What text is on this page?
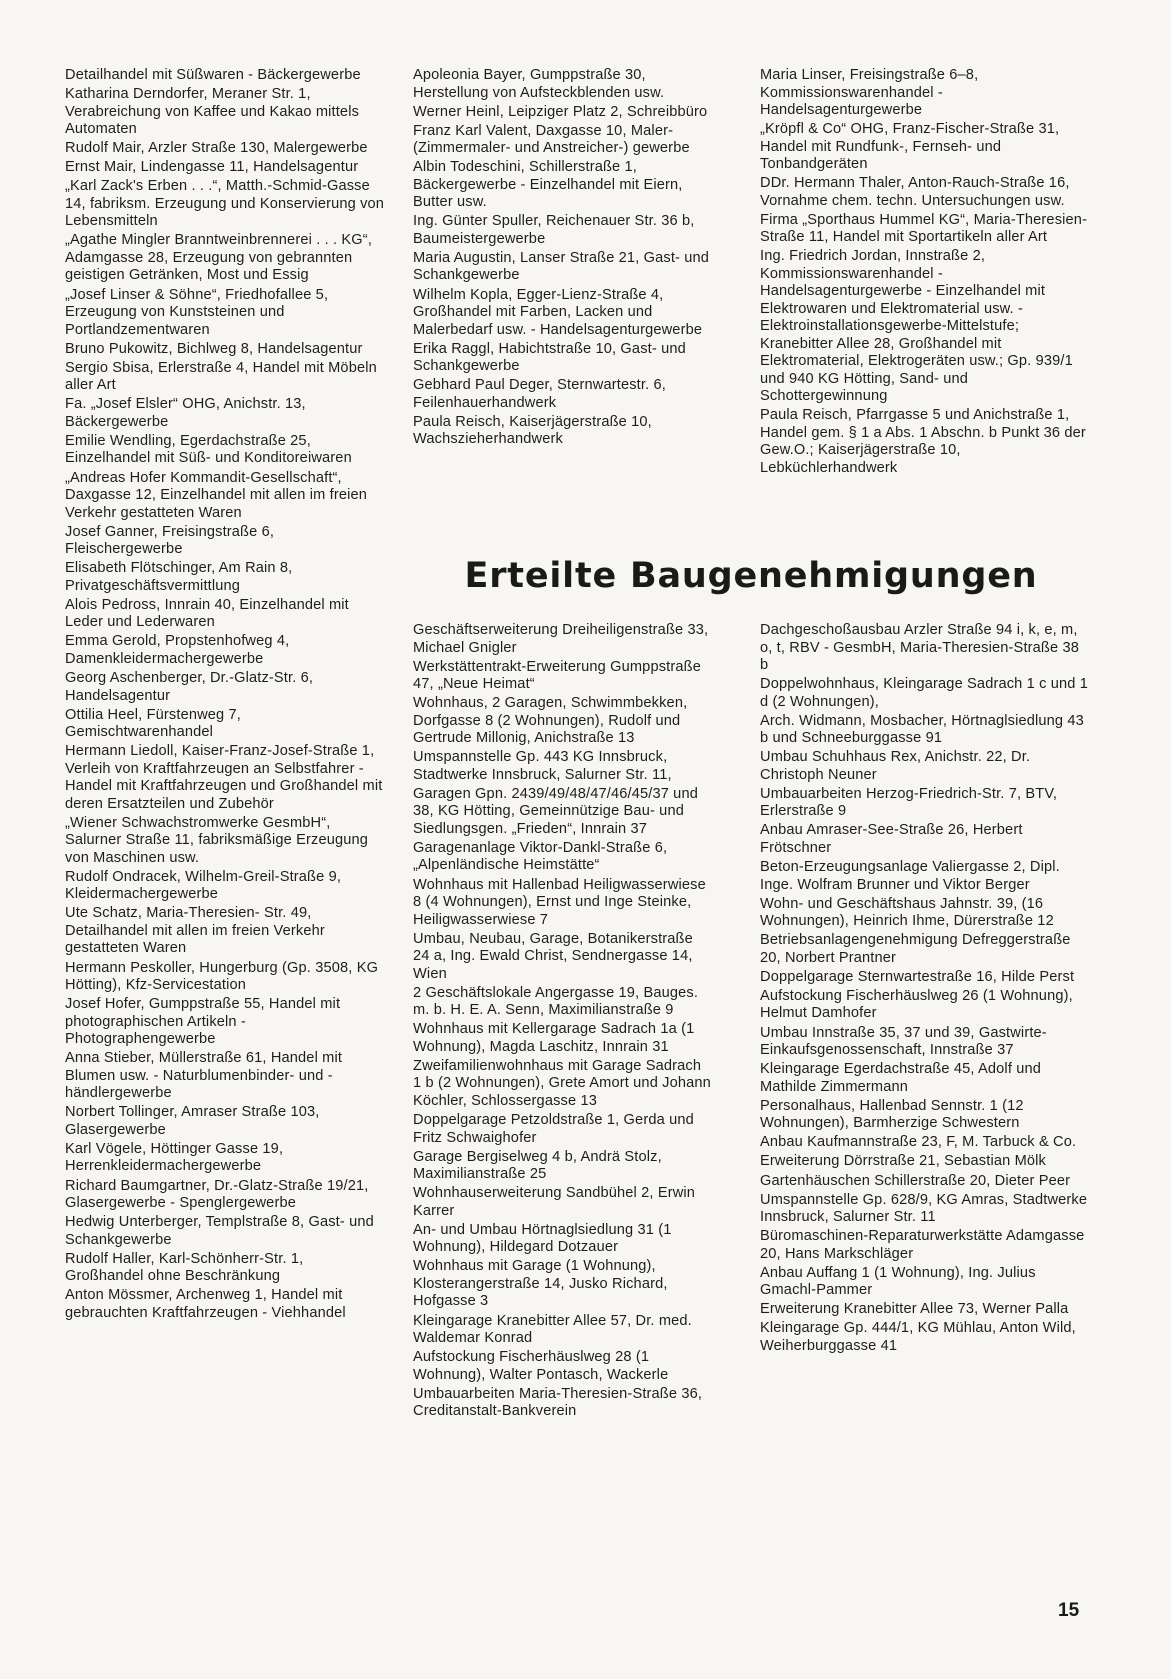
Detailhandel mit Süßwaren - Bäckergewerbe
Katharina Derndorfer, Meraner Str. 1, Verabreichung von Kaffee und Kakao mittels Automaten
Rudolf Mair, Arzler Straße 130, Malergewerbe
Ernst Mair, Lindengasse 11, Handelsagentur
„Karl Zack's Erben . . .“, Matth.-Schmid-Gasse 14, fabriksm. Erzeugung und Konservierung von Lebensmitteln
„Agathe Mingler Branntweinbrennerei . . . KG“, Adamgasse 28, Erzeugung von gebrannten geistigen Getränken, Most und Essig
„Josef Linser & Söhne“, Friedhofallee 5, Erzeugung von Kunststeinen und Portlandzementwaren
Bruno Pukowitz, Bichlweg 8, Handelsagentur
Sergio Sbisa, Erlerstraße 4, Handel mit Möbeln aller Art
Fa. „Josef Elsler“ OHG, Anichstr. 13, Bäckergewerbe
Emilie Wendling, Egerdachstraße 25, Einzelhandel mit Süß- und Konditoreiwaren
„Andreas Hofer Kommandit-Gesellschaft“, Daxgasse 12, Einzelhandel mit allen im freien Verkehr gestatteten Waren
Josef Ganner, Freisingstraße 6, Fleischergewerbe
Elisabeth Flötschinger, Am Rain 8, Privatgeschäftsvermittlung
Alois Pedross, Innrain 40, Einzelhandel mit Leder und Lederwaren
Emma Gerold, Propstenhofweg 4, Damenkleidermachergewerbe
Georg Aschenberger, Dr.-Glatz-Str. 6, Handelsagentur
Ottilia Heel, Fürstenweg 7, Gemischtwarenhandel
Hermann Liedoll, Kaiser-Franz-Josef-Straße 1, Verleih von Kraftfahrzeugen an Selbstfahrer - Handel mit Kraftfahrzeugen und Großhandel mit deren Ersatzteilen und Zubehör
„Wiener Schwachstromwerke GesmbH“, Salurner Straße 11, fabriksmäßige Erzeugung von Maschinen usw.
Rudolf Ondracek, Wilhelm-Greil-Straße 9, Kleidermachergewerbe
Ute Schatz, Maria-Theresien- Str. 49, Detailhandel mit allen im freien Verkehr gestatteten Waren
Hermann Peskoller, Hungerburg (Gp. 3508, KG Hötting), Kfz-Servicestation
Josef Hofer, Gumppstraße 55, Handel mit photographischen Artikeln - Photographengewerbe
Anna Stieber, Müllerstraße 61, Handel mit Blumen usw. - Naturblumenbinder- und -händlergewerbe
Norbert Tollinger, Amraser Straße 103, Glasergewerbe
Karl Vögele, Höttinger Gasse 19, Herrenkleidermachergewerbe
Richard Baumgartner, Dr.-Glatz-Straße 19/21, Glasergewerbe - Spenglergewerbe
Hedwig Unterberger, Templstraße 8, Gast- und Schankgewerbe
Rudolf Haller, Karl-Schönherr-Str. 1, Großhandel ohne Beschränkung
Anton Mössmer, Archenweg 1, Handel mit gebrauchten Kraftfahrzeugen - Viehhandel
Apoleonia Bayer, Gumppstraße 30, Herstellung von Aufsteckblenden usw.
Werner Heinl, Leipziger Platz 2, Schreibbüro
Franz Karl Valent, Daxgasse 10, Maler- (Zimmermaler- und Anstreicher-) gewerbe
Albin Todeschini, Schillerstraße 1, Bäckergewerbe - Einzelhandel mit Eiern, Butter usw.
Ing. Günter Spuller, Reichenauer Str. 36 b, Baumeistergewerbe
Maria Augustin, Lanser Straße 21, Gast- und Schankgewerbe
Wilhelm Kopla, Egger-Lienz-Straße 4, Großhandel mit Farben, Lacken und Malerbedarf usw. - Handelsagenturgewerbe
Erika Raggl, Habichtstraße 10, Gast- und Schankgewerbe
Gebhard Paul Deger, Sternwartestr. 6, Feilenhauerhandwerk
Paula Reisch, Kaiserjägerstraße 10, Wachszieherhandwerk
Maria Linser, Freisingstraße 6–8, Kommissionswarenhandel - Handelsagenturgewerbe
„Kröpfl & Co“ OHG, Franz-Fischer-Straße 31, Handel mit Rundfunk-, Fernseh- und Tonbandgeräten
DDr. Hermann Thaler, Anton-Rauch-Straße 16, Vornahme chem. techn. Untersuchungen usw.
Firma „Sporthaus Hummel KG“, Maria-Theresien-Straße 11, Handel mit Sportartikeln aller Art
Ing. Friedrich Jordan, Innstraße 2, Kommissionswarenhandel - Handelsagenturgewerbe - Einzelhandel mit Elektrowaren und Elektromaterial usw. - Elektroinstallationsgewerbe-Mittelstufe; Kranebitter Allee 28, Großhandel mit Elektromaterial, Elektrogeräten usw.; Gp. 939/1 und 940 KG Hötting, Sand- und Schottergewinnung
Paula Reisch, Pfarrgasse 5 und Anichstraße 1, Handel gem. § 1 a Abs. 1 Abschn. b Punkt 36 der Gew.O.; Kaiserjägerstraße 10, Lebküchlerhandwerk
Erteilte Baugenehmigungen
Geschäftserweiterung Dreiheiligenstraße 33, Michael Gnigler
Werkstättentrakt-Erweiterung Gumppstraße 47, „Neue Heimat“
Wohnhaus, 2 Garagen, Schwimmbekken, Dorfgasse 8 (2 Wohnungen), Rudolf und Gertrude Millonig, Anichstraße 13
Umspannstelle Gp. 443 KG Innsbruck, Stadtwerke Innsbruck, Salurner Str. 11,
Garagen Gpn. 2439/49/48/47/46/45/37 und 38, KG Hötting, Gemeinnützige Bau- und Siedlungsgen. „Frieden“, Innrain 37
Garagenanlage Viktor-Dankl-Straße 6, „Alpenländische Heimstätte“
Wohnhaus mit Hallenbad Heiligwasserwiese 8 (4 Wohnungen), Ernst und Inge Steinke, Heiligwasserwiese 7
Umbau, Neubau, Garage, Botanikerstraße 24 a, Ing. Ewald Christ, Sendnergasse 14, Wien
2 Geschäftslokale Angergasse 19, Bauges. m. b. H. E. A. Senn, Maximilianstraße 9
Wohnhaus mit Kellergarage Sadrach 1a (1 Wohnung), Magda Laschitz, Innrain 31
Zweifamilienwohnhaus mit Garage Sadrach 1 b (2 Wohnungen), Grete Amort und Johann Köchler, Schlossergasse 13
Doppelgarage Petzoldstraße 1, Gerda und Fritz Schwaighofer
Garage Bergiselweg 4 b, Andrä Stolz, Maximilianstraße 25
Wohnhauserweiterung Sandbühel 2, Erwin Karrer
An- und Umbau Hörtnaglsiedlung 31 (1 Wohnung), Hildegard Dotzauer
Wohnhaus mit Garage (1 Wohnung), Klosterangerstraße 14, Jusko Richard, Hofgasse 3
Kleingarage Kranebitter Allee 57, Dr. med. Waldemar Konrad
Aufstockung Fischerhäuslweg 28 (1 Wohnung), Walter Pontasch, Wackerle
Umbauarbeiten Maria-Theresien-Straße 36, Creditanstalt-Bankverein
Dachgeschoßausbau Arzler Straße 94 i, k, e, m, o, t, RBV - GesmbH, Maria-Theresien-Straße 38 b
Doppelwohnhaus, Kleingarage Sadrach 1 c und 1 d (2 Wohnungen),
Arch. Widmann, Mosbacher, Hörtnaglsiedlung 43 b und Schneeburggasse 91
Umbau Schuhhaus Rex, Anichstr. 22, Dr. Christoph Neuner
Umbauarbeiten Herzog-Friedrich-Str. 7, BTV, Erlerstraße 9
Anbau Amraser-See-Straße 26, Herbert Frötschner
Beton-Erzeugungsanlage Valiergasse 2, Dipl. Inge. Wolfram Brunner und Viktor Berger
Wohn- und Geschäftshaus Jahnstr. 39, (16 Wohnungen), Heinrich Ihme, Dürerstraße 12
Betriebsanlagengenehmigung Defreggerstraße 20, Norbert Prantner
Doppelgarage Sternwartestraße 16, Hilde Perst
Aufstockung Fischerhäuslweg 26 (1 Wohnung), Helmut Damhofer
Umbau Innstraße 35, 37 und 39, Gastwirte-Einkaufsgenossenschaft, Innstraße 37
Kleingarage Egerdachstraße 45, Adolf und Mathilde Zimmermann
Personalhaus, Hallenbad Sennstr. 1 (12 Wohnungen), Barmherzige Schwestern
Anbau Kaufmannstraße 23, F, M. Tarbuck & Co.
Erweiterung Dörrstraße 21, Sebastian Mölk
Gartenhäuschen Schillerstraße 20, Dieter Peer
Umspannstelle Gp. 628/9, KG Amras, Stadtwerke Innsbruck, Salurner Str. 11
Büromaschinen-Reparaturwerkstätte Adamgasse 20, Hans Markschläger
Anbau Auffang 1 (1 Wohnung), Ing. Julius Gmachl-Pammer
Erweiterung Kranebitter Allee 73, Werner Palla
Kleingarage Gp. 444/1, KG Mühlau, Anton Wild, Weiherburggasse 41
15
